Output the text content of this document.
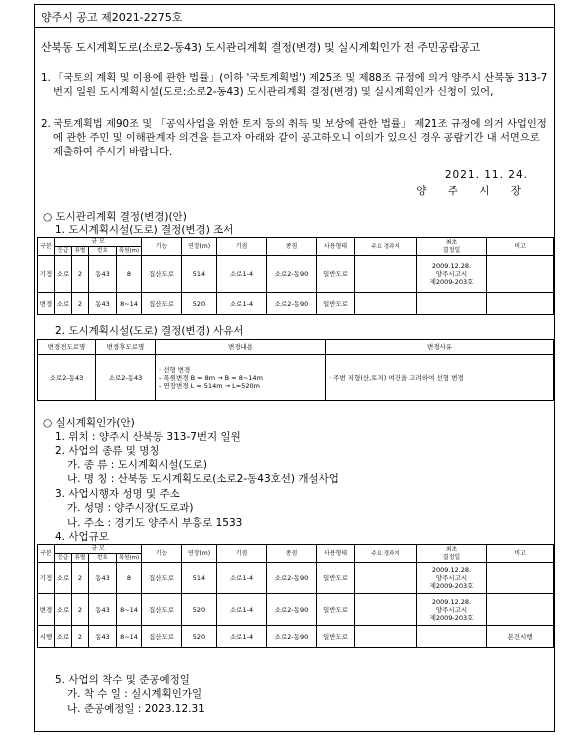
양주시 공고 제2021-2275호
산북동 도시계획도로(소로2-동43) 도시관리계획 결정(변경) 및 실시계획인가 전 주민공람공고
1. 「국토의 계획 및 이용에 관한 법률」(이하 '국토계획법') 제25조 및 제88조 규정에 의거 양주시 산북동 313-7번지 일원 도시계획시설(도로:소로2-동43) 도시관리계획 결정(변경) 및 실시계획인가 신청이 있어,
2. 국토계획법 제90조 및 「공익사업을 위한 토지 등의 취득 및 보상에 관한 법률」 제21조 규정에 의거 사업인정에 관한 주민 및 이해관계자 의견을 듣고자 아래와 같이 공고하오니 이의가 있으신 경우 공람기간 내 서면으로 제출하여 주시기 바랍니다.
2021. 11. 24.
양 주 시 장
○ 도시관리계획 결정(변경)(안)
1. 도시계획시설(도로) 결정(변경) 조서
구분	규 모				기능	연장(m)	기점	종점	사용형태	주요 경과지	최초
결정일	비고
	등급	류별	번호	폭원(m)								
기정	소로	2	동43	8	집산도로	514	소로1-4	소로2-동90	일반도로		2009.12.28.
양주시고시
제2009-203호	

변경	소로	2	동43	8~14	집산도로	520	소로1-4	소로2-동90	일반도로			
2. 도시계획시설(도로) 결정(변경) 사유서
변경전도로명	변경후도로명	변경내용	변경사유
소로2-동43	소로2-동43	· 선형 변경
- 폭원변경 B = 8m → B = 8~14m
- 연장변경 L = 514m → L=520m	· 주변 지형(산,토지) 여건을 고려하여 선형 변경
○ 실시계획인가(안)
1. 위치 : 양주시 산북동 313-7번지 일원
2. 사업의 종류 및 명칭
가. 종 류 : 도시계획시설(도로)
나. 명 칭 : 산북동 도시계획도로(소로2-동43호선) 개설사업
3. 사업시행자 성명 및 주소
가. 성명 : 양주시장(도로과)
나. 주소 : 경기도 양주시 부흥로 1533
4. 사업규모
구분	규 모				기능	연장(m)	기점	종점	사용형태	주요 경과지	최초
결정일	비고
	등급	류별	번호	폭원(m)								
기정	소로	2	동43	8	집산도로	514	소로1-4	소로2-동90	일반도로		2009.12.28.
양주시고시
제2009-203호	

변경	소로	2	동43	8~14	집산도로	520	소로1-4	소로2-동90	일반도로		2009.12.28.
양주시고시
제2009-203호	

시행	소로	2	동43	8~14	집산도로	520	소로1-4	소로2-동90	일반도로			본건시행
5. 사업의 착수 및 준공예정일
가. 착 수 일 : 실시계획인가일
나. 준공예정일 : 2023.12.31
